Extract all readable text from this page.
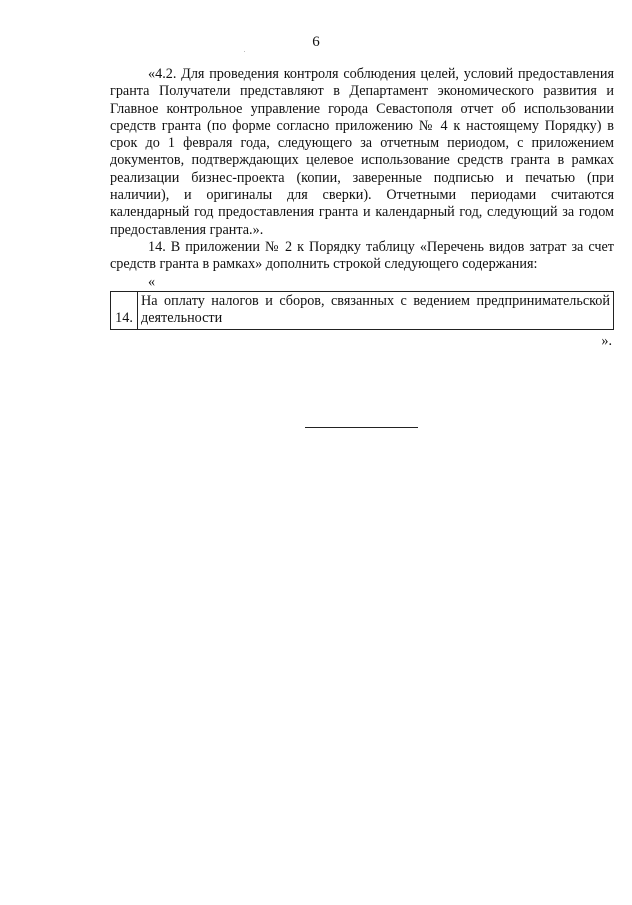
6

«4.2. Для проведения контроля соблюдения целей, условий предоставления гранта Получатели представляют в Департамент экономического развития и Главное контрольное управление города Севастополя отчет об использовании средств гранта (по форме согласно приложению № 4 к настоящему Порядку) в срок до 1 февраля года, следующего за отчетным периодом, с приложением документов, подтверждающих целевое использование средств гранта в рамках реализации бизнес-проекта (копии, заверенные подписью и печатью (при наличии), и оригиналы для сверки). Отчетными периодами считаются календарный год предоставления гранта и календарный год, следующий за годом предоставления гранта.».

14. В приложении № 2 к Порядку таблицу «Перечень видов затрат за счет средств гранта в рамках» дополнить строкой следующего содержания:

«
14.	На оплату налогов и сборов, связанных с ведением предпринимательской деятельности
».
